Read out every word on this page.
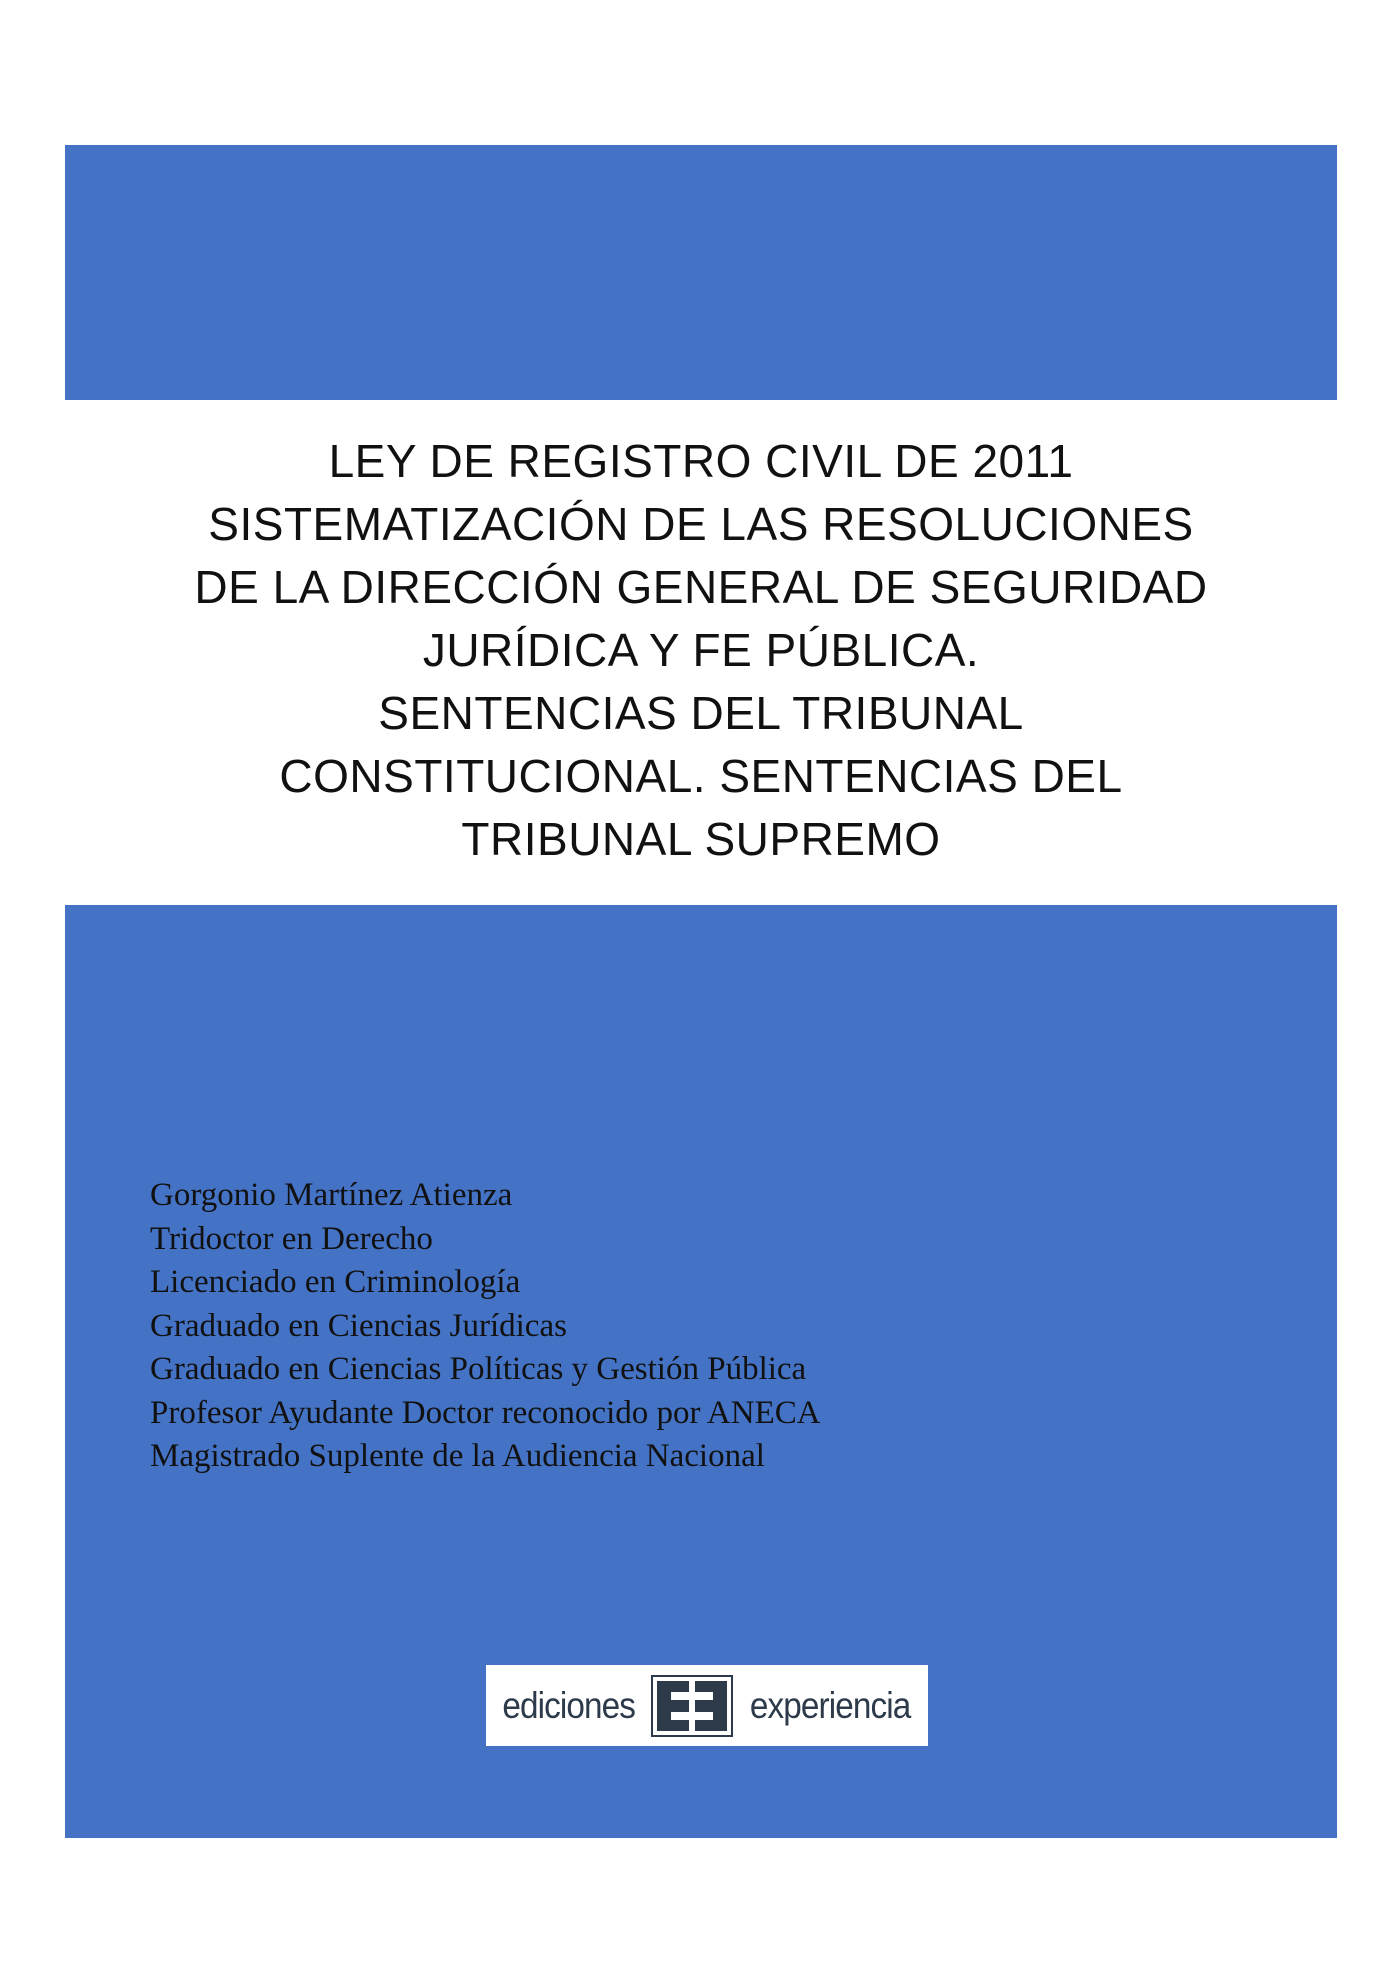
LEY DE REGISTRO CIVIL DE 2011
SISTEMATIZACIÓN DE LAS RESOLUCIONES
DE LA DIRECCIÓN GENERAL DE SEGURIDAD
JURÍDICA Y FE PÚBLICA.
SENTENCIAS DEL TRIBUNAL
CONSTITUCIONAL. SENTENCIAS DEL
TRIBUNAL SUPREMO
Gorgonio Martínez Atienza
Tridoctor en Derecho
Licenciado en Criminología
Graduado en Ciencias Jurídicas
Graduado en Ciencias Políticas y Gestión Pública
Profesor Ayudante Doctor reconocido por ANECA
Magistrado Suplente de la Audiencia Nacional
ediciones	experiencia
